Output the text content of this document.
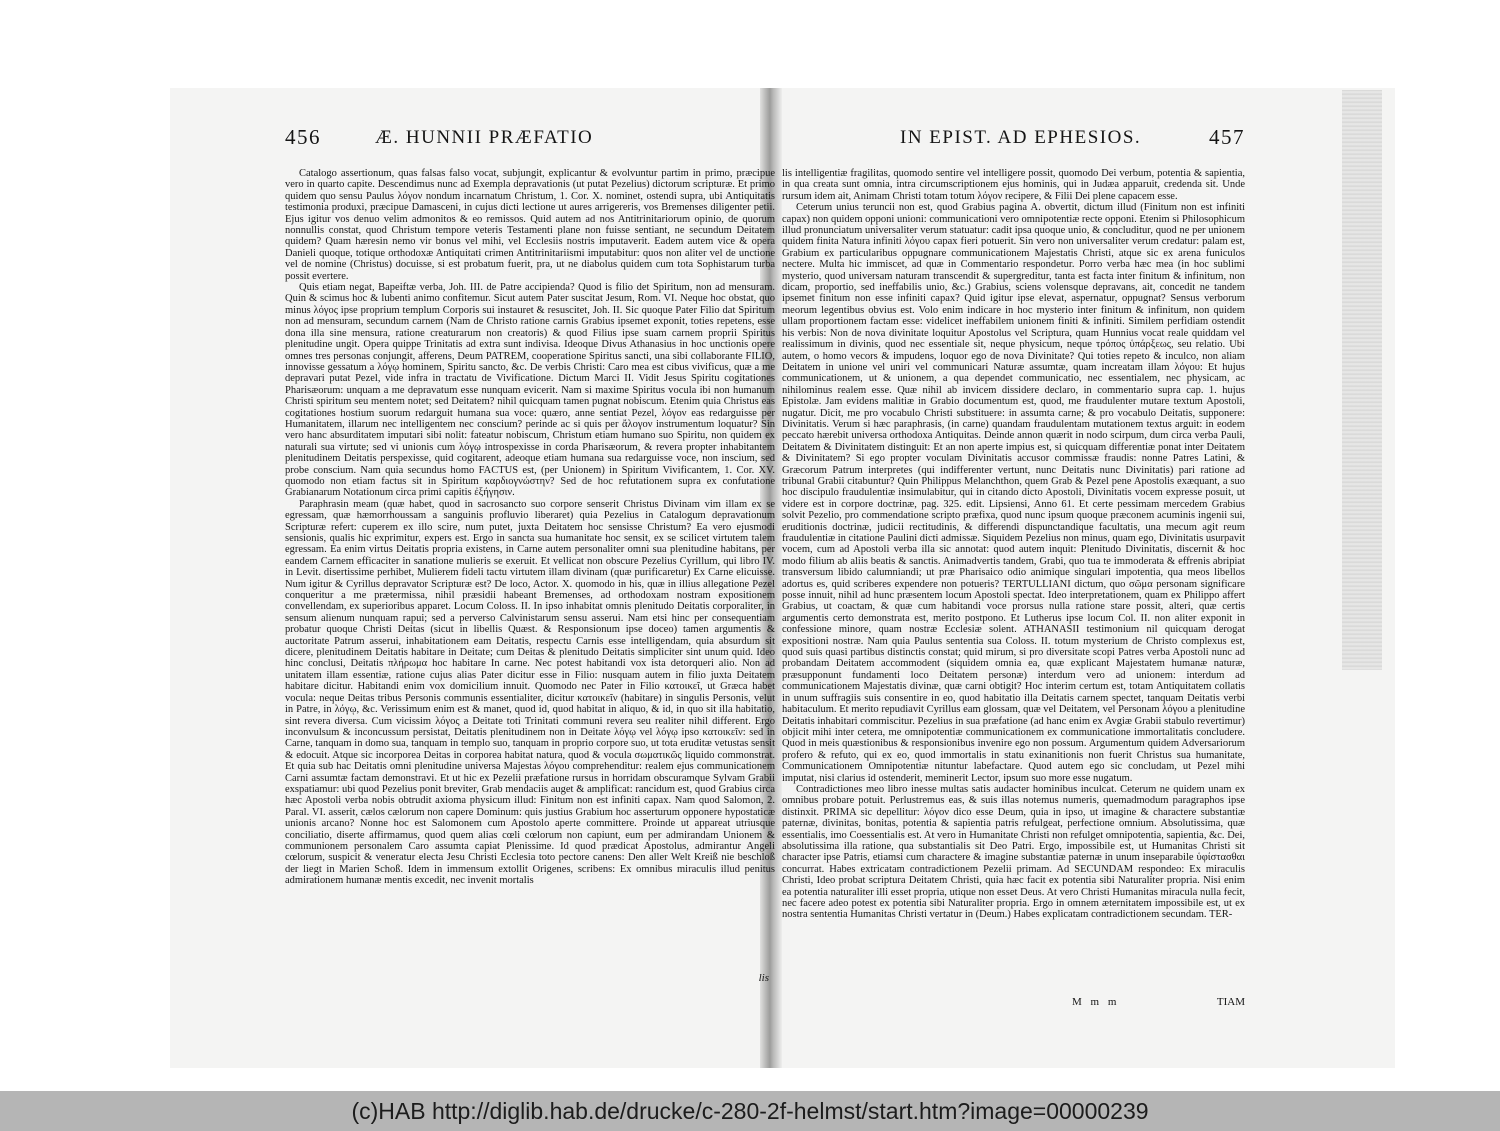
456	Æ. HUNNII PRÆFATIO

Catalogo assertionum, quas falsas falso vocat, subjungit, explicantur & evolvuntur partim in primo, præcipue vero in quarto capite. Descendimus nunc ad Exempla depravationis (ut putat Pezelius) dictorum scripturæ. Et primo quidem quo sensu Paulus λόγον nondum incarnatum Christum, 1. Cor. X. nominet, ostendi supra, ubi Antiquitatis testimonia produxi, præcipue Damasceni, in cujus dicti lectione ut aures arrigereris, vos Bremenses diligenter petii. Ejus igitur vos denuo velim admonitos & eo remissos. Quid autem ad nos Antitrinitariorum opinio, de quorum nonnullis constat, quod Christum tempore veteris Testamenti plane non fuisse sentiant, ne secundum Deitatem quidem? Quam hæresin nemo vir bonus vel mihi, vel Ecclesiis nostris imputaverit. Eadem autem vice & opera Danieli quoque, totique orthodoxæ Antiquitati crimen Antitrinitariismi imputabitur: quos non aliter vel de unctione vel de nomine (Christus) docuisse, si est probatum fuerit, pra, ut ne diabolus quidem cum tota Sophistarum turba possit evertere.

Quis etiam negat, Bapeiftæ verba, Joh. III. de Patre accipienda? Quod is filio det Spiritum, non ad mensuram. Quin & scimus hoc & lubenti animo confitemur. Sicut autem Pater suscitat Jesum, Rom. VI. Neque hoc obstat, quo minus λόγος ipse proprium templum Corporis sui instauret & resuscitet, Joh. II. Sic quoque Pater Filio dat Spiritum non ad mensuram, secundum carnem (Nam de Christo ratione carnis Grabius ipsemet exponit, toties repetens, esse dona illa sine mensura, ratione creaturarum non creatoris) & quod Filius ipse suam carnem proprii Spiritus plenitudine ungit. Opera quippe Trinitatis ad extra sunt indivisa. Ideoque Divus Athanasius in hoc unctionis opere omnes tres personas conjungit, afferens, Deum PATREM, cooperatione Spiritus sancti, una sibi collaborante FILIO, innovisse gessatum a λόγῳ hominem, Spiritu sancto, &c. De verbis Christi: Caro mea est cibus vivificus, quæ a me depravari putat Pezel, vide infra in tractatu de Vivificatione. Dictum Marci II. Vidit Jesus Spiritu cogitationes Pharisæorum: unquam a me depravatum esse nunquam evicerit. Nam si maxime Spiritus vocula ibi non humanum Christi spiritum seu mentem notet; sed Deitatem? nihil quicquam tamen pugnat nobiscum. Etenim quia Christus eas cogitationes hostium suorum redarguit humana sua voce: quæro, anne sentiat Pezel, λόγον eas redarguisse per Humanitatem, illarum nec intelligentem nec conscium? perinde ac si quis per ἄλογον instrumentum loquatur? Sin vero hanc absurditatem imputari sibi nolit: fateatur nobiscum, Christum etiam humano suo Spiritu, non quidem ex naturali sua virtute; sed vi unionis cum λόγῳ introspexisse in corda Pharisæorum, & revera propter inhabitantem plenitudinem Deitatis perspexisse, quid cogitarent, adeoque etiam humana sua redarguisse voce, non inscium, sed probe conscium. Nam quia secundus homo FACTUS est, (per Unionem) in Spiritum Vivificantem, 1. Cor. XV. quomodo non etiam factus sit in Spiritum καρδιογνώστην? Sed de hoc refutationem supra ex confutatione Grabianarum Notationum circa primi capitis ἐξήγησιν.

Paraphrasin meam (quæ habet, quod in sacrosancto suo corpore senserit Christus Divinam vim illam ex se egressam, quæ hæmorrhoussam a sanguinis profluvio liberaret) quia Pezelius in Catalogum depravationum Scripturæ refert: cuperem ex illo scire, num putet, juxta Deitatem hoc sensisse Christum? Ea vero ejusmodi sensionis, qualis hic exprimitur, expers est. Ergo in sancta sua humanitate hoc sensit, ex se scilicet virtutem talem egressam. Ea enim virtus Deitatis propria existens, in Carne autem personaliter omni sua plenitudine habitans, per eandem Carnem efficaciter in sanatione mulieris se exeruit. Et vellicat non obscure Pezelius Cyrillum, qui libro IV. in Levit. disertissime perhibet, Mulierem fideli tactu virtutem illam divinam (quæ purificaretur) Ex Carne elicuisse. Num igitur & Cyrillus depravator Scripturæ est? De loco, Actor. X. quomodo in his, quæ in illius allegatione Pezel conqueritur a me prætermissa, nihil præsidii habeant Bremenses, ad orthodoxam nostram expositionem convellendam, ex superioribus apparet. Locum Coloss. II. In ipso inhabitat omnis plenitudo Deitatis corporaliter, in sensum alienum nunquam rapui; sed a perverso Calvinistarum sensu asserui. Nam etsi hinc per consequentiam probatur quoque Christi Deitas (sicut in libellis Quæst. & Responsionum ipse doceo) tamen argumentis & auctoritate Patrum asserui, inhabitationem eam Deitatis, respectu Carnis esse intelligendam, quia absurdum sit dicere, plenitudinem Deitatis habitare in Deitate; cum Deitas & plenitudo Deitatis simpliciter sint unum quid. Ideo hinc conclusi, Deitatis πλήρωμα hoc habitare In carne. Nec potest habitandi vox ista detorqueri alio. Non ad unitatem illam essentiæ, ratione cujus alias Pater dicitur esse in Filio: nusquam autem in filio juxta Deitatem habitare dicitur. Habitandi enim vox domicilium innuit. Quomodo nec Pater in Filio κατοικεῖ, ut Græca habet vocula: neque Deitas tribus Personis communis essentialiter, dicitur κατοικεῖν (habitare) in singulis Personis, velut in Patre, in λόγῳ, &c. Verissimum enim est & manet, quod id, quod habitat in aliquo, & id, in quo sit illa habitatio, sint revera diversa. Cum vicissim λόγος a Deitate toti Trinitati communi revera seu realiter nihil different. Ergo inconvulsum & inconcussum persistat, Deitatis plenitudinem non in Deitate λόγῳ vel λόγῳ ipso κατοικεῖν: sed in Carne, tanquam in domo sua, tanquam in templo suo, tanquam in proprio corpore suo, ut tota eruditæ vetustas sensit & edocuit. Atque sic incorporea Deitas in corporea habitat natura, quod & vocula σωματικῶς liquido commonstrat. Et quia sub hac Deitatis omni plenitudine universa Majestas λόγου comprehenditur: realem ejus communicationem Carni assumtæ factam demonstravi. Et ut hic ex Pezelii præfatione rursus in horridam obscuramque Sylvam Grabii exspatiamur: ubi quod Pezelius ponit breviter, Grab mendaciis auget & amplificat: rancidum est, quod Grabius circa hæc Apostoli verba nobis obtrudit axioma physicum illud: Finitum non est infiniti capax. Nam quod Salomon, 2. Paral. VI. asserit, cælos cælorum non capere Dominum: quis justius Grabium hoc asserturum opponere hypostaticæ unionis arcano? Nonne hoc est Salomonem cum Apostolo aperte committere. Proinde ut appareat utriusque conciliatio, diserte affirmamus, quod quem alias cœli cœlorum non capiunt, eum per admirandam Unionem & communionem personalem Caro assumta capiat Plenissime. Id quod prædicat Apostolus, admirantur Angeli cœlorum, suspicit & veneratur electa Jesu Christi Ecclesia toto pectore canens: Den aller Welt Kreiß nie beschloß der liegt in Marien Schoß. Idem in immensum extollit Origenes, scribens: Ex omnibus miraculis illud penitus admirationem humanæ mentis excedit, nec invenit mortalis

lis
IN EPIST. AD EPHESIOS.	457

lis intelligentiæ fragilitas, quomodo sentire vel intelligere possit, quomodo Dei verbum, potentia & sapientia, in qua creata sunt omnia, intra circumscriptionem ejus hominis, qui in Judæa apparuit, credenda sit. Unde rursum idem ait, Animam Christi totam totum λόγον recipere, & Filii Dei plene capacem esse.

Ceterum unius teruncii non est, quod Grabius pagina A. obvertit, dictum illud (Finitum non est infiniti capax) non quidem opponi unioni: communicationi vero omnipotentiæ recte opponi. Etenim si Philosophicum illud pronunciatum universaliter verum statuatur: cadit ipsa quoque unio, & concluditur, quod ne per unionem quidem finita Natura infiniti λόγου capax fieri potuerit. Sin vero non universaliter verum credatur: palam est, Grabium ex particularibus oppugnare communicationem Majestatis Christi, atque sic ex arena funiculos nectere. Multa hic immiscet, ad quæ in Commentario respondetur. Porro verba hæc mea (in hoc sublimi mysterio, quod universam naturam transcendit & supergreditur, tanta est facta inter finitum & infinitum, non dicam, proportio, sed ineffabilis unio, &c.) Grabius, sciens volensque depravans, ait, concedit ne tandem ipsemet finitum non esse infiniti capax? Quid igitur ipse elevat, aspernatur, oppugnat? Sensus verborum meorum legentibus obvius est. Volo enim indicare in hoc mysterio inter finitum & infinitum, non quidem ullam proportionem factam esse: videlicet ineffabilem unionem finiti & infiniti. Similem perfidiam ostendit his verbis: Non de nova divinitate loquitur Apostolus vel Scriptura, quam Hunnius vocat reale quiddam vel realissimum in divinis, quod nec essentiale sit, neque physicum, neque τρόπος ὑπάρξεως, seu relatio. Ubi autem, o homo vecors & impudens, loquor ego de nova Divinitate? Qui toties repeto & inculco, non aliam Deitatem in unione vel uniri vel communicari Naturæ assumtæ, quam increatam illam λόγου: Et hujus communicationem, ut & unionem, a qua dependet communicatio, nec essentialem, nec physicam, ac nihilominus realem esse. Quæ nihil ab invicem dissidere declaro, in commentario supra cap. 1. hujus Epistolæ. Jam evidens malitiæ in Grabio documentum est, quod, me fraudulenter mutare textum Apostoli, nugatur. Dicit, me pro vocabulo Christi substituere: in assumta carne; & pro vocabulo Deitatis, supponere: Divinitatis. Verum si hæc paraphrasis, (in carne) quandam fraudulentam mutationem textus arguit: in eodem peccato hærebit universa orthodoxa Antiquitas. Deinde annon quærit in nodo scirpum, dum circa verba Pauli, Deitatem & Divinitatem distinguit: Et an non aperte impius est, si quicquam differentiæ ponat inter Deitatem & Divinitatem? Si ego propter voculam Divinitatis accusor commissæ fraudis: nonne Patres Latini, & Græcorum Patrum interpretes (qui indifferenter vertunt, nunc Deitatis nunc Divinitatis) pari ratione ad tribunal Grabii citabuntur? Quin Philippus Melanchthon, quem Grab & Pezel pene Apostolis exæquant, a suo hoc discipulo fraudulentiæ insimulabitur, qui in citando dicto Apostoli, Divinitatis vocem expresse posuit, ut videre est in corpore doctrinæ, pag. 325. edit. Lipsiensi, Anno 61. Et certe pessimam mercedem Grabius solvit Pezelio, pro commendatione scripto præfixa, quod nunc ipsum quoque præconem acuminis ingenii sui, eruditionis doctrinæ, judicii rectitudinis, & differendi dispunctandique facultatis, una mecum agit reum fraudulentiæ in citatione Paulini dicti admissæ. Siquidem Pezelius non minus, quam ego, Divinitatis usurpavit vocem, cum ad Apostoli verba illa sic annotat: quod autem inquit: Plenitudo Divinitatis, discernit & hoc modo filium ab aliis beatis & sanctis. Animadvertis tandem, Grabi, quo tua te immoderata & effrenis abripiat transversum libido calumniandi; ut præ Pharisaico odio animique singulari impotentia, qua meos libellos adortus es, quid scriberes expendere non potueris? TERTULLIANI dictum, quo σῶμα personam significare posse innuit, nihil ad hunc præsentem locum Apostoli spectat. Ideo interpretationem, quam ex Philippo affert Grabius, ut coactam, & quæ cum habitandi voce prorsus nulla ratione stare possit, alteri, quæ certis argumentis certo demonstrata est, merito postpono. Et Lutherus ipse locum Col. II. non aliter exponit in confessione minore, quam nostræ Ecclesiæ solent. ATHANASII testimonium nil quicquam derogat expositioni nostræ. Nam quia Paulus sententia sua Coloss. II. totum mysterium de Christo complexus est, quod suis quasi partibus distinctis constat; quid mirum, si pro diversitate scopi Patres verba Apostoli nunc ad probandam Deitatem accommodent (siquidem omnia ea, quæ explicant Majestatem humanæ naturæ, præsupponunt fundamenti loco Deitatem personæ) interdum vero ad unionem: interdum ad communicationem Majestatis divinæ, quæ carni obtigit? Hoc interim certum est, totam Antiquitatem collatis in unum suffragiis suis consentire in eo, quod habitatio illa Deitatis carnem spectet, tanquam Deitatis verbi habitaculum. Et merito repudiavit Cyrillus eam glossam, quæ vel Deitatem, vel Personam λόγου a plenitudine Deitatis inhabitari commiscitur. Pezelius in sua præfatione (ad hanc enim ex Avgiæ Grabii stabulo revertimur) objicit mihi inter cetera, me omnipotentiæ communicationem ex communicatione immortalitatis concludere. Quod in meis quæstionibus & responsionibus invenire ego non possum. Argumentum quidem Adversariorum profero & refuto, qui ex eo, quod immortalis in statu exinanitionis non fuerit Christus sua humanitate, Communicationem Omnipotentiæ nituntur labefactare. Quod autem ego sic concludam, ut Pezel mihi imputat, nisi clarius id ostenderit, meminerit Lector, ipsum suo more esse nugatum.

Contradictiones meo libro inesse multas satis audacter hominibus inculcat. Ceterum ne quidem unam ex omnibus probare potuit. Perlustremus eas, & suis illas notemus numeris, quemadmodum paragraphos ipse distinxit. PRIMA sic depellitur: λόγον dico esse Deum, quia in ipso, ut imagine & charactere substantiæ paternæ, divinitas, bonitas, potentia & sapientia patris refulgeat, perfectione omnium. Absolutissima, quæ essentialis, imo Coessentialis est. At vero in Humanitate Christi non refulget omnipotentia, sapientia, &c. Dei, absolutissima illa ratione, qua substantialis sit Deo Patri. Ergo, impossibile est, ut Humanitas Christi sit character ipse Patris, etiamsi cum charactere & imagine substantiæ paternæ in unum inseparabile ὑφίστασθαι concurrat. Habes extricatam contradictionem Pezelii primam. Ad SECUNDAM respondeo: Ex miraculis Christi, Ideo probat scriptura Deitatem Christi, quia hæc facit ex potentia sibi Naturaliter propria. Nisi enim ea potentia naturaliter illi esset propria, utique non esset Deus. At vero Christi Humanitas miracula nulla fecit, nec facere adeo potest ex potentia sibi Naturaliter propria. Ergo in omnem æternitatem impossibile est, ut ex nostra sententia Humanitas Christi vertatur in (Deum.) Habes explicatam contradictionem secundam. TER-

M m m	TIAM
(c)HAB http://diglib.hab.de/drucke/c-280-2f-helmst/start.htm?image=00000239
